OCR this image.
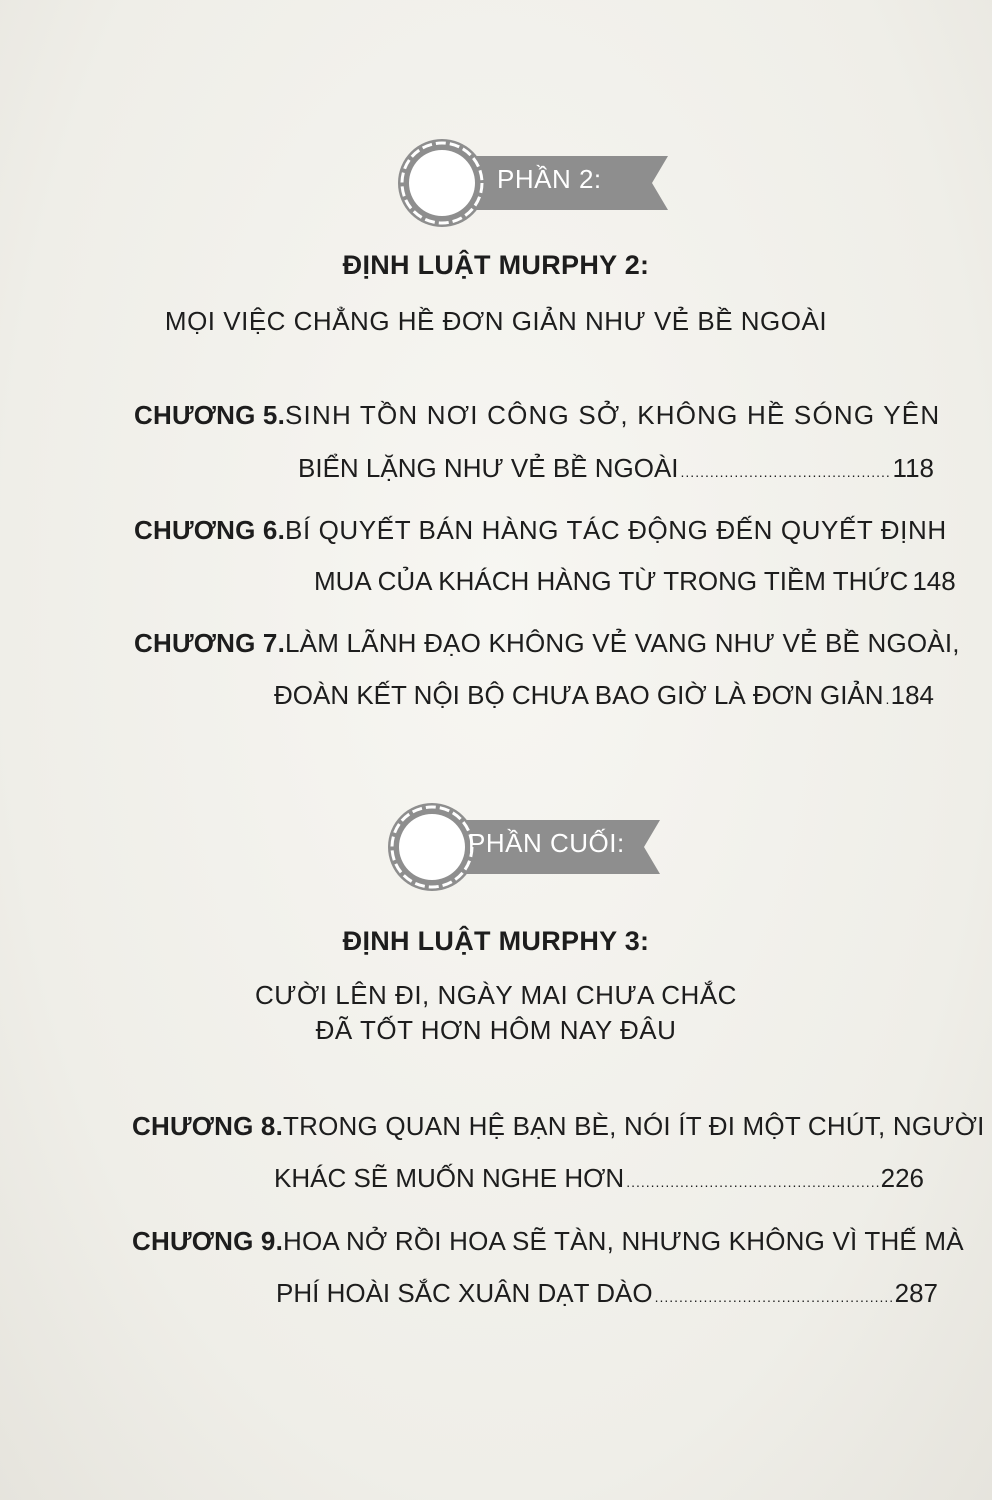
PHẦN 2:
ĐỊNH LUẬT MURPHY 2:
MỌI VIỆC CHẲNG HỀ ĐƠN GIẢN NHƯ VẺ BỀ NGOÀI
CHƯƠNG 5. SINH TỒN NƠI CÔNG SỞ, KHÔNG HỀ SÓNG YÊN
BIỂN LẶNG NHƯ VẺ BỀ NGOÀI .....	118
CHƯƠNG 6. BÍ QUYẾT BÁN HÀNG TÁC ĐỘNG ĐẾN QUYẾT ĐỊNH
MUA CỦA KHÁCH HÀNG TỪ TRONG TIỀM THỨC 148
CHƯƠNG 7. LÀM LÃNH ĐẠO KHÔNG VẺ VANG NHƯ VẺ BỀ NGOÀI,
ĐOÀN KẾT NỘI BỘ CHƯA BAO GIỜ LÀ ĐƠN GIẢN ..... 184
PHẦN CUỐI:
ĐỊNH LUẬT MURPHY 3:
CƯỜI LÊN ĐI, NGÀY MAI CHƯA CHẮC
ĐÃ TỐT HƠN HÔM NAY ĐÂU
CHƯƠNG 8. TRONG QUAN HỆ BẠN BÈ, NÓI ÍT ĐI MỘT CHÚT, NGƯỜI
KHÁC SẼ MUỐN NGHE HƠN .....	226
CHƯƠNG 9. HOA NỞ RỒI HOA SẼ TÀN, NHƯNG KHÔNG VÌ THẾ MÀ
PHÍ HOÀI SẮC XUÂN DẠT DÀO .....	287
